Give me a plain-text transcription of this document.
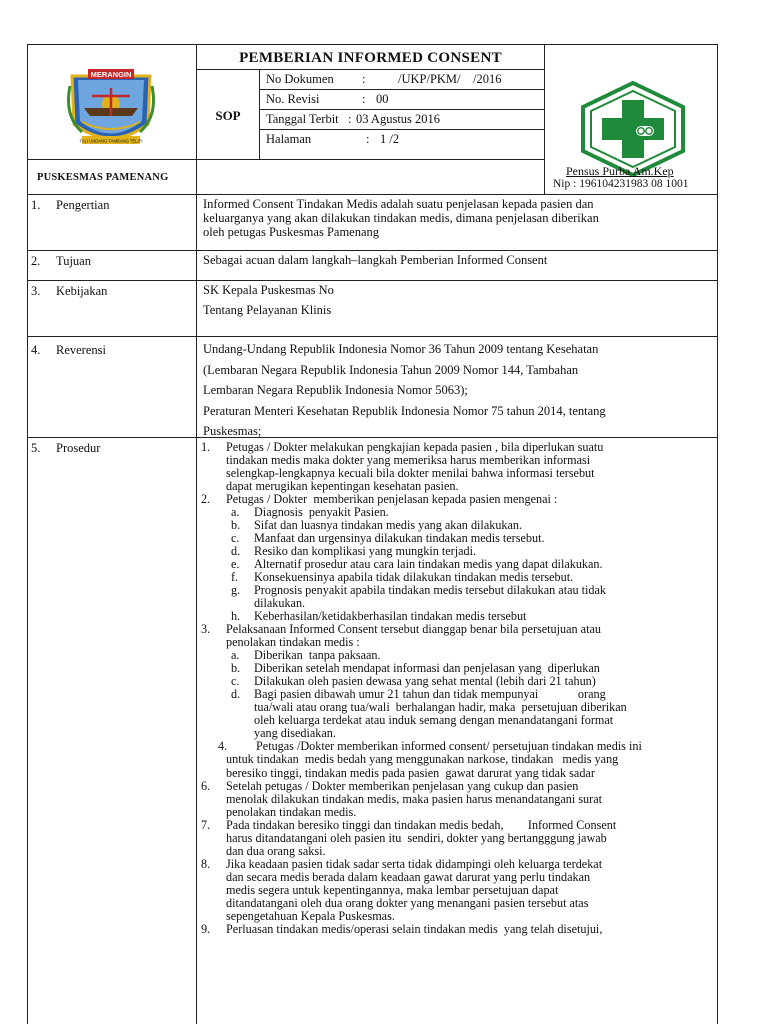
PEMBERIAN INFORMED CONSENT
SOP
PUSKESMAS PAMENANG
MERANGIN
TALI UNDANG TAMBANG TELITI
No Dokumen :	/UKP/PKM/    /2016
No. Revisi	: 00
Tanggal Terbit : 03 Agustus 2016
Halaman	: 1 /2
Pensus Purba Am.Kep
Nip : 196104231983 08 1001
1. Pengertian	Informed Consent Tindakan Medis adalah suatu penjelasan kepada pasien dan
keluarganya yang akan dilakukan tindakan medis, dimana penjelasan diberikan
oleh petugas Puskesmas Pamenang
2. Tujuan	Sebagai acuan dalam langkah–langkah Pemberian Informed Consent
3. Kebijakan	SK Kepala Puskesmas No
Tentang Pelayanan Klinis
4. Reverensi	Undang-Undang Republik Indonesia Nomor 36 Tahun 2009 tentang Kesehatan
(Lembaran Negara Republik Indonesia Tahun 2009 Nomor 144, Tambahan
Lembaran Negara Republik Indonesia Nomor 5063);
Peraturan Menteri Kesehatan Republik Indonesia Nomor 75 tahun 2014, tentang
Puskesmas;
5. Prosedur	1. Petugas / Dokter melakukan pengkajian kepada pasien , bila diperlukan suatu
tindakan medis maka dokter yang memeriksa harus memberikan informasi
selengkap-lengkapnya kecuali bila dokter menilai bahwa informasi tersebut
dapat merugikan kepentingan kesehatan pasien.
2. Petugas / Dokter  memberikan penjelasan kepada pasien mengenai :
a. Diagnosis  penyakit Pasien.
b. Sifat dan luasnya tindakan medis yang akan dilakukan.
c. Manfaat dan urgensinya dilakukan tindakan medis tersebut.
d. Resiko dan komplikasi yang mungkin terjadi.
e. Alternatif prosedur atau cara lain tindakan medis yang dapat dilakukan.
f. Konsekuensinya apabila tidak dilakukan tindakan medis tersebut.
g. Prognosis penyakit apabila tindakan medis tersebut dilakukan atau tidak
dilakukan.
h. Keberhasilan/ketidakberhasilan tindakan medis tersebut
3. Pelaksanaan Informed Consent tersebut dianggap benar bila persetujuan atau
penolakan tindakan medis :
a. Diberikan  tanpa paksaan.
b. Diberikan setelah mendapat informasi dan penjelasan yang  diperlukan
c. Dilakukan oleh pasien dewasa yang sehat mental (lebih dari 21 tahun)
d. Bagi pasien dibawah umur 21 tahun dan tidak mempunyai             orang
tua/wali atau orang tua/wali  berhalangan hadir, maka  persetujuan diberikan
oleh keluarga terdekat atau induk semang dengan menandatangani format
yang disediakan.
4. Petugas /Dokter memberikan informed consent/ persetujuan tindakan medis ini
untuk tindakan  medis bedah yang menggunakan narkose, tindakan   medis yang
beresiko tinggi, tindakan medis pada pasien  gawat darurat yang tidak sadar
6. Setelah petugas / Dokter memberikan penjelasan yang cukup dan pasien
menolak dilakukan tindakan medis, maka pasien harus menandatangani surat
penolakan tindakan medis.
7. Pada tindakan beresiko tinggi dan tindakan medis bedah,        Informed Consent
harus ditandatangani oleh pasien itu  sendiri, dokter yang bertangggung jawab
dan dua orang saksi.
8. Jika keadaan pasien tidak sadar serta tidak didampingi oleh keluarga terdekat
dan secara medis berada dalam keadaan gawat darurat yang perlu tindakan
medis segera untuk kepentingannya, maka lembar persetujuan dapat
ditandatangani oleh dua orang dokter yang menangani pasien tersebut atas
sepengetahuan Kepala Puskesmas.
9. Perluasan tindakan medis/operasi selain tindakan medis  yang telah disetujui,
